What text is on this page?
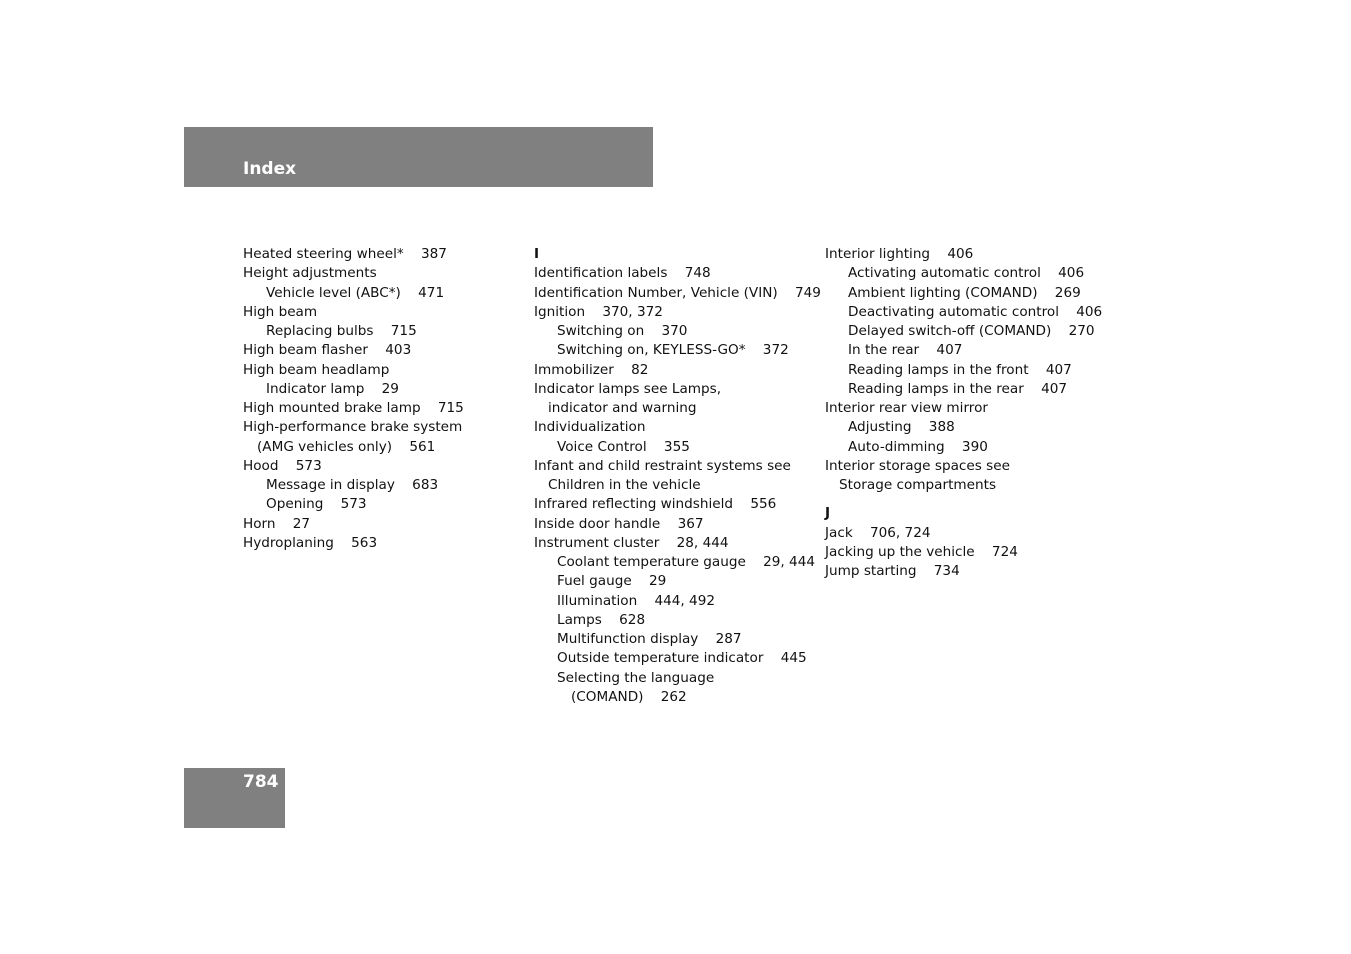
Index
Heated steering wheel*    387
Height adjustments
Vehicle level (ABC*)    471
High beam
Replacing bulbs    715
High beam flasher    403
High beam headlamp
Indicator lamp    29
High mounted brake lamp    715
High-performance brake system
(AMG vehicles only)    561
Hood    573
Message in display    683
Opening    573
Horn    27
Hydroplaning    563
I
Identification labels    748
Identification Number, Vehicle (VIN)    749
Ignition    370, 372
Switching on    370
Switching on, KEYLESS-GO*    372
Immobilizer    82
Indicator lamps see Lamps,
indicator and warning
Individualization
Voice Control    355
Infant and child restraint systems see
Children in the vehicle
Infrared reflecting windshield    556
Inside door handle    367
Instrument cluster    28, 444
Coolant temperature gauge    29, 444
Fuel gauge    29
Illumination    444, 492
Lamps    628
Multifunction display    287
Outside temperature indicator    445
Selecting the language
(COMAND)    262
Interior lighting    406
Activating automatic control    406
Ambient lighting (COMAND)    269
Deactivating automatic control    406
Delayed switch-off (COMAND)    270
In the rear    407
Reading lamps in the front    407
Reading lamps in the rear    407
Interior rear view mirror
Adjusting    388
Auto-dimming    390
Interior storage spaces see
Storage compartments
J
Jack    706, 724
Jacking up the vehicle    724
Jump starting    734
784
